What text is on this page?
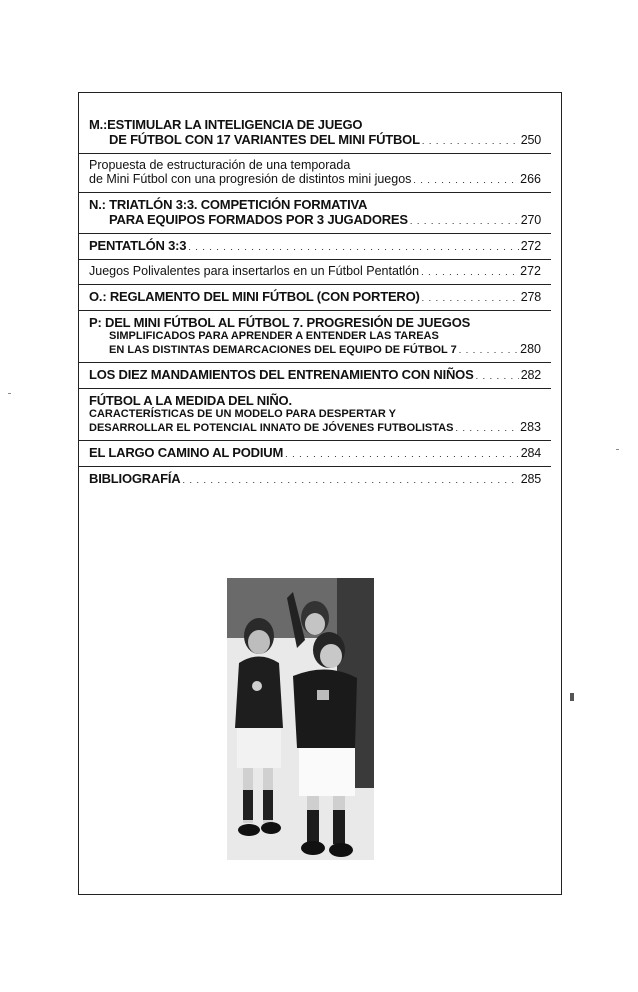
M.:ESTIMULAR LA INTELIGENCIA DE JUEGO
DE FÚTBOL CON 17 VARIANTES DEL MINI FÚTBOL . . .	250
Propuesta de estructuración de una temporada
de Mini Fútbol con una progresión de distintos mini juegos . . .	266
N.: TRIATLÓN 3:3. COMPETICIÓN FORMATIVA
PARA EQUIPOS FORMADOS POR 3 JUGADORES . . .	270
PENTATLÓN 3:3 . . .	272
Juegos Polivalentes para insertarlos en un Fútbol Pentatlón . . .	272
O.: REGLAMENTO DEL MINI FÚTBOL (CON PORTERO) . . .	278
P: DEL MINI FÚTBOL AL FÚTBOL 7. PROGRESIÓN DE JUEGOS
SIMPLIFICADOS PARA APRENDER A ENTENDER LAS TAREAS
EN LAS DISTINTAS DEMARCACIONES DEL EQUIPO DE FÚTBOL 7 . . .	280
LOS DIEZ MANDAMIENTOS DEL ENTRENAMIENTO CON NIÑOS . . .	282
FÚTBOL A LA MEDIDA DEL NIÑO.
CARACTERÍSTICAS DE UN MODELO PARA DESPERTAR Y
DESARROLLAR EL POTENCIAL INNATO DE JÓVENES FUTBOLISTAS . . .	283
EL LARGO CAMINO AL PODIUM . . .	284
BIBLIOGRAFÍA . . .	285
